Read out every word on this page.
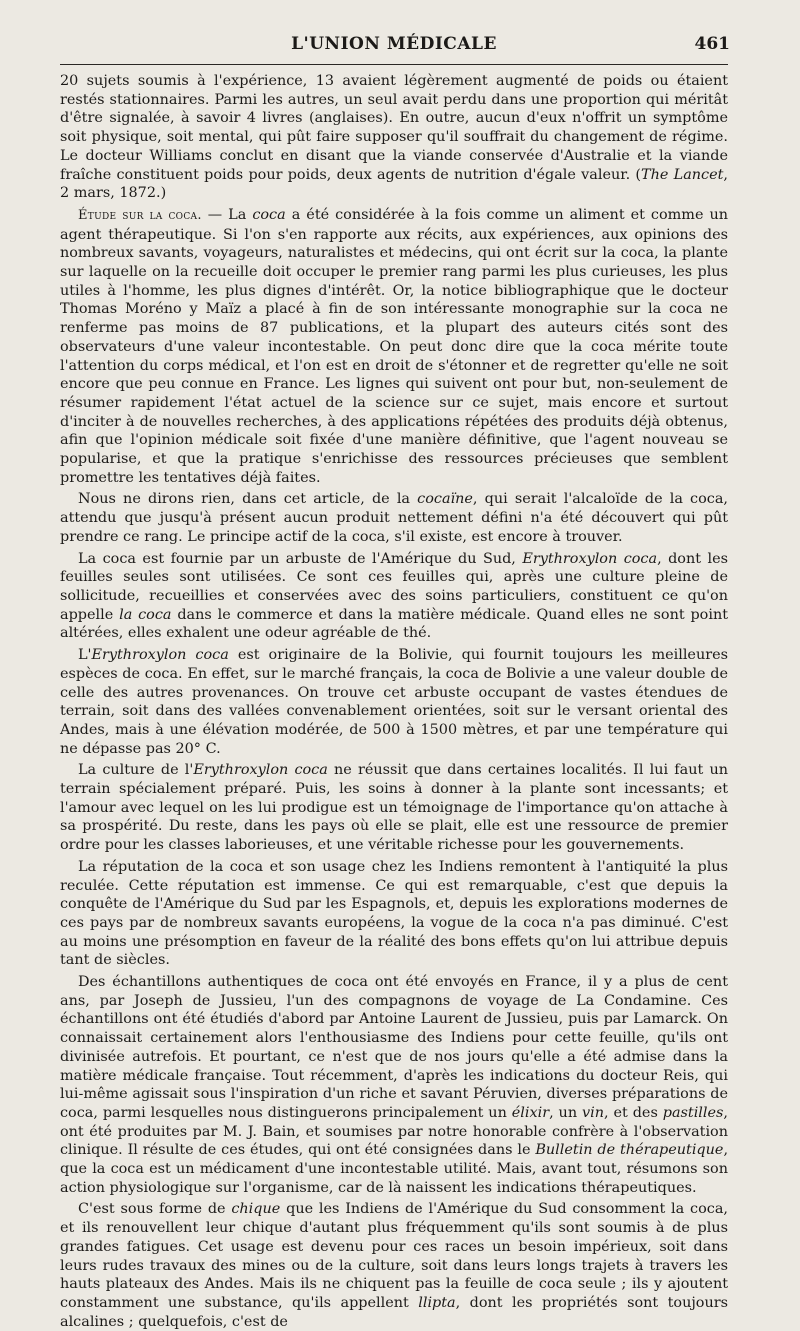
L'UNION MÉDICALE	461

20 sujets soumis à l'expérience, 13 avaient légèrement augmenté de poids ou étaient restés stationnaires. Parmi les autres, un seul avait perdu dans une proportion qui méritât d'être signalée, à savoir 4 livres (anglaises). En outre, aucun d'eux n'offrit un symptôme soit physique, soit mental, qui pût faire supposer qu'il souffrait du changement de régime. Le docteur Williams conclut en disant que la viande conservée d'Australie et la viande fraîche constituent poids pour poids, deux agents de nutrition d'égale valeur. (The Lancet, 2 mars, 1872.)

Étude sur la coca. — La coca a été considérée à la fois comme un aliment et comme un agent thérapeutique. Si l'on s'en rapporte aux récits, aux expériences, aux opinions des nombreux savants, voyageurs, naturalistes et médecins, qui ont écrit sur la coca, la plante sur laquelle on la recueille doit occuper le premier rang parmi les plus curieuses, les plus utiles à l'homme, les plus dignes d'intérêt. Or, la notice bibliographique que le docteur Thomas Moréno y Maïz a placé à fin de son intéressante monographie sur la coca ne renferme pas moins de 87 publications, et la plupart des auteurs cités sont des observateurs d'une valeur incontestable. On peut donc dire que la coca mérite toute l'attention du corps médical, et l'on est en droit de s'étonner et de regretter qu'elle ne soit encore que peu connue en France. Les lignes qui suivent ont pour but, non-seulement de résumer rapidement l'état actuel de la science sur ce sujet, mais encore et surtout d'inciter à de nouvelles recherches, à des applications répétées des produits déjà obtenus, afin que l'opinion médicale soit fixée d'une manière définitive, que l'agent nouveau se popularise, et que la pratique s'enrichisse des ressources précieuses que semblent promettre les tentatives déjà faites.

Nous ne dirons rien, dans cet article, de la cocaïne, qui serait l'alcaloïde de la coca, attendu que jusqu'à présent aucun produit nettement défini n'a été découvert qui pût prendre ce rang. Le principe actif de la coca, s'il existe, est encore à trouver.

La coca est fournie par un arbuste de l'Amérique du Sud, Erythroxylon coca, dont les feuilles seules sont utilisées. Ce sont ces feuilles qui, après une culture pleine de sollicitude, recueillies et conservées avec des soins particuliers, constituent ce qu'on appelle la coca dans le commerce et dans la matière médicale. Quand elles ne sont point altérées, elles exhalent une odeur agréable de thé.

L'Erythroxylon coca est originaire de la Bolivie, qui fournit toujours les meilleures espèces de coca. En effet, sur le marché français, la coca de Bolivie a une valeur double de celle des autres provenances. On trouve cet arbuste occupant de vastes étendues de terrain, soit dans des vallées convenablement orientées, soit sur le versant oriental des Andes, mais à une élévation modérée, de 500 à 1500 mètres, et par une température qui ne dépasse pas 20° C.

La culture de l'Erythroxylon coca ne réussit que dans certaines localités. Il lui faut un terrain spécialement préparé. Puis, les soins à donner à la plante sont incessants; et l'amour avec lequel on les lui prodigue est un témoignage de l'importance qu'on attache à sa prospérité. Du reste, dans les pays où elle se plait, elle est une ressource de premier ordre pour les classes laborieuses, et une véritable richesse pour les gouvernements.

La réputation de la coca et son usage chez les Indiens remontent à l'antiquité la plus reculée. Cette réputation est immense. Ce qui est remarquable, c'est que depuis la conquête de l'Amérique du Sud par les Espagnols, et, depuis les explorations modernes de ces pays par de nombreux savants européens, la vogue de la coca n'a pas diminué. C'est au moins une présomption en faveur de la réalité des bons effets qu'on lui attribue depuis tant de siècles.

Des échantillons authentiques de coca ont été envoyés en France, il y a plus de cent ans, par Joseph de Jussieu, l'un des compagnons de voyage de La Condamine. Ces échantillons ont été étudiés d'abord par Antoine Laurent de Jussieu, puis par Lamarck. On connaissait certainement alors l'enthousiasme des Indiens pour cette feuille, qu'ils ont divinisée autrefois. Et pourtant, ce n'est que de nos jours qu'elle a été admise dans la matière médicale française. Tout récemment, d'après les indications du docteur Reis, qui lui-même agissait sous l'inspiration d'un riche et savant Péruvien, diverses préparations de coca, parmi lesquelles nous distinguerons principalement un élixir, un vin, et des pastilles, ont été produites par M. J. Bain, et soumises par notre honorable confrère à l'observation clinique. Il résulte de ces études, qui ont été consignées dans le Bulletin de thérapeutique, que la coca est un médicament d'une incontestable utilité. Mais, avant tout, résumons son action physiologique sur l'organisme, car de là naissent les indications thérapeutiques.

C'est sous forme de chique que les Indiens de l'Amérique du Sud consomment la coca, et ils renouvellent leur chique d'autant plus fréquemment qu'ils sont soumis à de plus grandes fatigues. Cet usage est devenu pour ces races un besoin impérieux, soit dans leurs rudes travaux des mines ou de la culture, soit dans leurs longs trajets à travers les hauts plateaux des Andes. Mais ils ne chiquent pas la feuille de coca seule ; ils y ajoutent constamment une substance, qu'ils appellent llipta, dont les propriétés sont toujours alcalines ; quelquefois, c'est de
